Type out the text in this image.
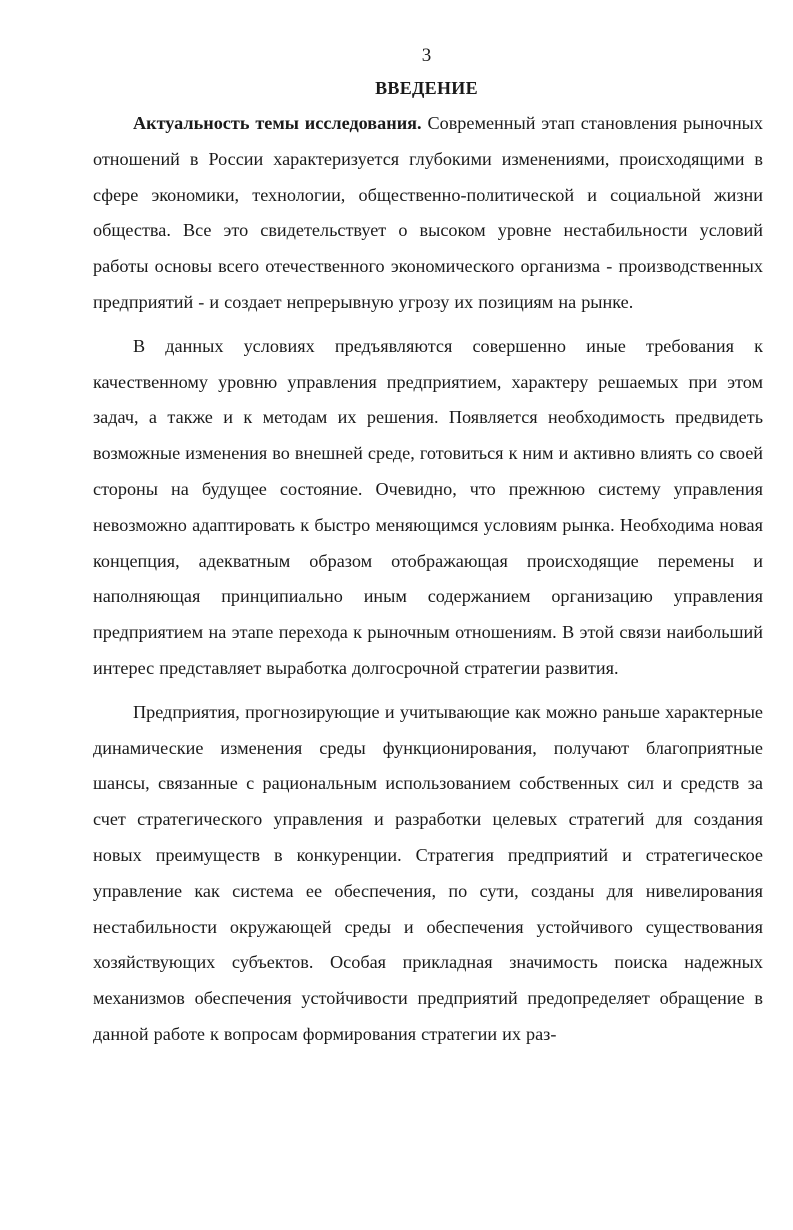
3
ВВЕДЕНИЕ

Актуальность темы исследования. Современный этап становления рыночных отношений в России характеризуется глубокими изменениями, происходящими в сфере экономики, технологии, общественно-политической и социальной жизни общества. Все это свидетельствует о высоком уровне нестабильности условий работы основы всего отечественного экономического организма - производственных предприятий - и создает непрерывную угрозу их позициям на рынке.

В данных условиях предъявляются совершенно иные требования к качественному уровню управления предприятием, характеру решаемых при этом задач, а также и к методам их решения. Появляется необходимость предвидеть возможные изменения во внешней среде, готовиться к ним и активно влиять со своей стороны на будущее состояние. Очевидно, что прежнюю систему управления невозможно адаптировать к быстро меняющимся условиям рынка. Необходима новая концепция, адекватным образом отображающая происходящие перемены и наполняющая принципиально иным содержанием организацию управления предприятием на этапе перехода к рыночным отношениям. В этой связи наибольший интерес представляет выработка долгосрочной стратегии развития.

Предприятия, прогнозирующие и учитывающие как можно раньше характерные динамические изменения среды функционирования, получают благоприятные шансы, связанные с рациональным использованием собственных сил и средств за счет стратегического управления и разработки целевых стратегий для создания новых преимуществ в конкуренции. Стратегия предприятий и стратегическое управление как система ее обеспечения, по сути, созданы для нивелирования нестабильности окружающей среды и обеспечения устойчивого существования хозяйствующих субъектов. Особая прикладная значимость поиска надежных механизмов обеспечения устойчивости предприятий предопределяет обращение в данной работе к вопросам формирования стратегии их раз-
